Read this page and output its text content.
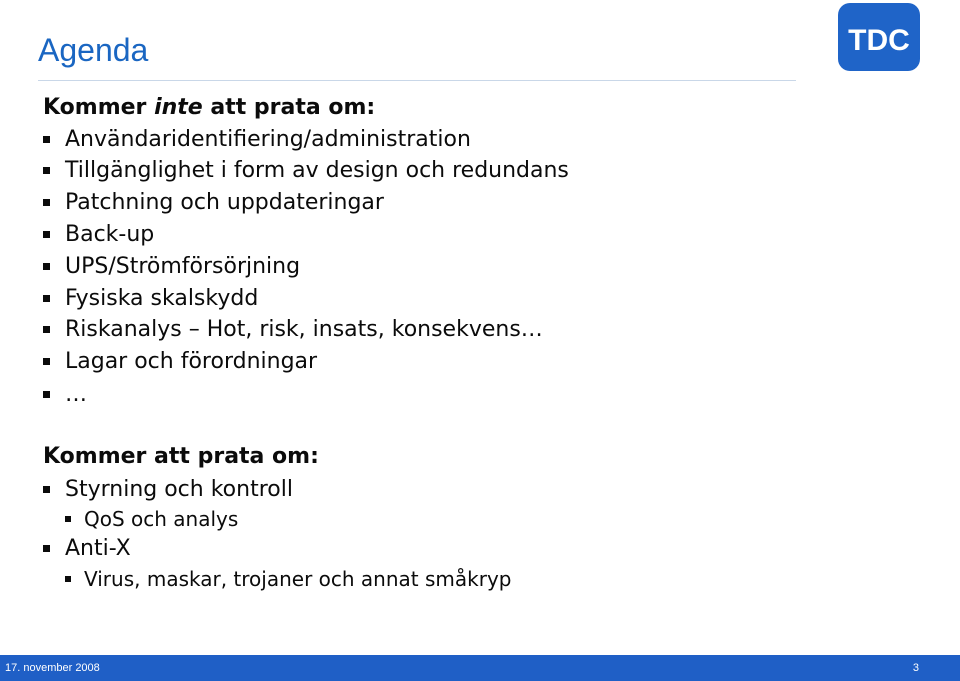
Agenda	TDC
Kommer inte att prata om:
Användaridentifiering/administration
Tillgänglighet i form av design och redundans
Patchning och uppdateringar
Back-up
UPS/Strömförsörjning
Fysiska skalskydd
Riskanalys – Hot, risk, insats, konsekvens…
Lagar och förordningar
…
Kommer att prata om:
Styrning och kontroll
QoS och analys
Anti-X
Virus, maskar, trojaner och annat småkryp
17. november 2008	3
